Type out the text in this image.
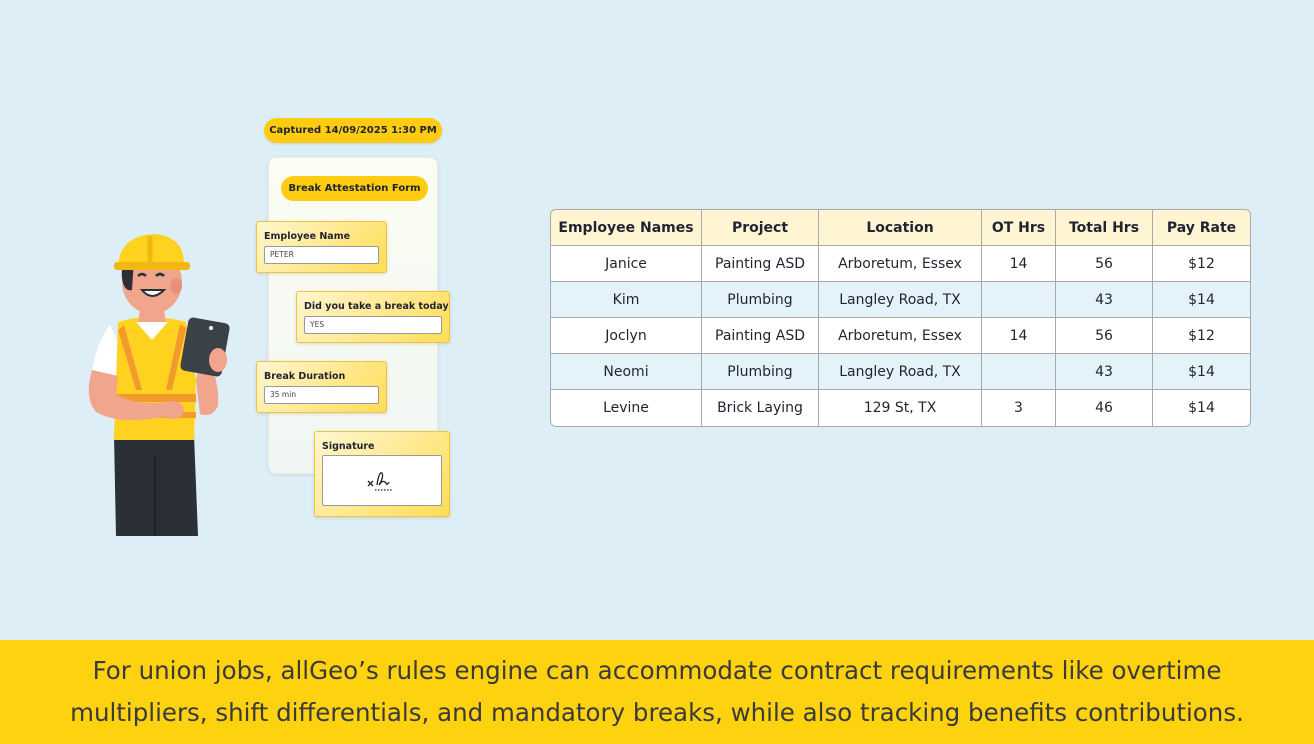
Captured 14/09/2025 1:30 PM
Break Attestation Form
Employee Name
PETER
Did you take a break today
YES
Break Duration
35 min
Signature
Employee Names	Project	Location	OT Hrs	Total Hrs	Pay Rate
Janice	Painting ASD	Arboretum, Essex	14	56	$12
Kim	Plumbing	Langley Road, TX		43	$14
Joclyn	Painting ASD	Arboretum, Essex	14	56	$12
Neomi	Plumbing	Langley Road, TX		43	$14
Levine	Brick Laying	129 St, TX	3	46	$14
For union jobs, allGeo’s rules engine can accommodate contract requirements like overtime multipliers, shift differentials, and mandatory breaks, while also tracking benefits contributions.
